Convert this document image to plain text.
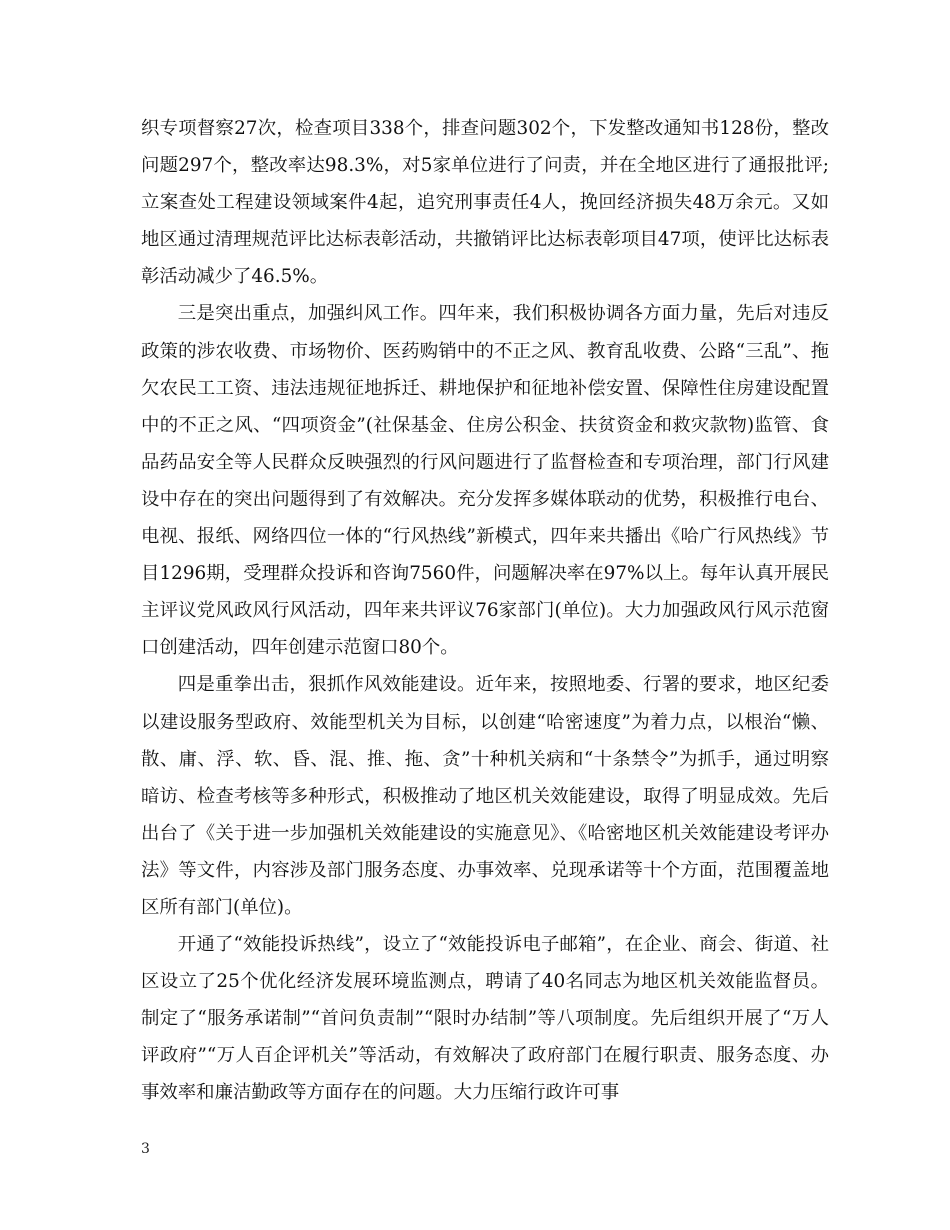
织专项督察27次，检查项目338个，排查问题302个，下发整改通知书128份，整改问题297个，整改率达98.3%，对5家单位进行了问责，并在全地区进行了通报批评;立案查处工程建设领域案件4起，追究刑事责任4人，挽回经济损失48万余元。又如地区通过清理规范评比达标表彰活动，共撤销评比达标表彰项目47项，使评比达标表彰活动减少了46.5%。

三是突出重点，加强纠风工作。四年来，我们积极协调各方面力量，先后对违反政策的涉农收费、市场物价、医药购销中的不正之风、教育乱收费、公路“三乱”、拖欠农民工工资、违法违规征地拆迁、耕地保护和征地补偿安置、保障性住房建设配置中的不正之风、“四项资金”(社保基金、住房公积金、扶贫资金和救灾款物)监管、食品药品安全等人民群众反映强烈的行风问题进行了监督检查和专项治理，部门行风建设中存在的突出问题得到了有效解决。充分发挥多媒体联动的优势，积极推行电台、电视、报纸、网络四位一体的“行风热线”新模式，四年来共播出《哈广行风热线》节目1296期，受理群众投诉和咨询7560件，问题解决率在97%以上。每年认真开展民主评议党风政风行风活动，四年来共评议76家部门(单位)。大力加强政风行风示范窗口创建活动，四年创建示范窗口80个。

四是重拳出击，狠抓作风效能建设。近年来，按照地委、行署的要求，地区纪委以建设服务型政府、效能型机关为目标，以创建“哈密速度”为着力点，以根治“懒、散、庸、浮、软、昏、混、推、拖、贪”十种机关病和“十条禁令”为抓手，通过明察暗访、检查考核等多种形式，积极推动了地区机关效能建设，取得了明显成效。先后出台了《关于进一步加强机关效能建设的实施意见》、《哈密地区机关效能建设考评办法》等文件，内容涉及部门服务态度、办事效率、兑现承诺等十个方面，范围覆盖地区所有部门(单位)。

开通了“效能投诉热线”，设立了“效能投诉电子邮箱”，在企业、商会、街道、社区设立了25个优化经济发展环境监测点，聘请了40名同志为地区机关效能监督员。制定了“服务承诺制”“首问负责制”“限时办结制”等八项制度。先后组织开展了“万人评政府”“万人百企评机关”等活动，有效解决了政府部门在履行职责、服务态度、办事效率和廉洁勤政等方面存在的问题。大力压缩行政许可事

3
